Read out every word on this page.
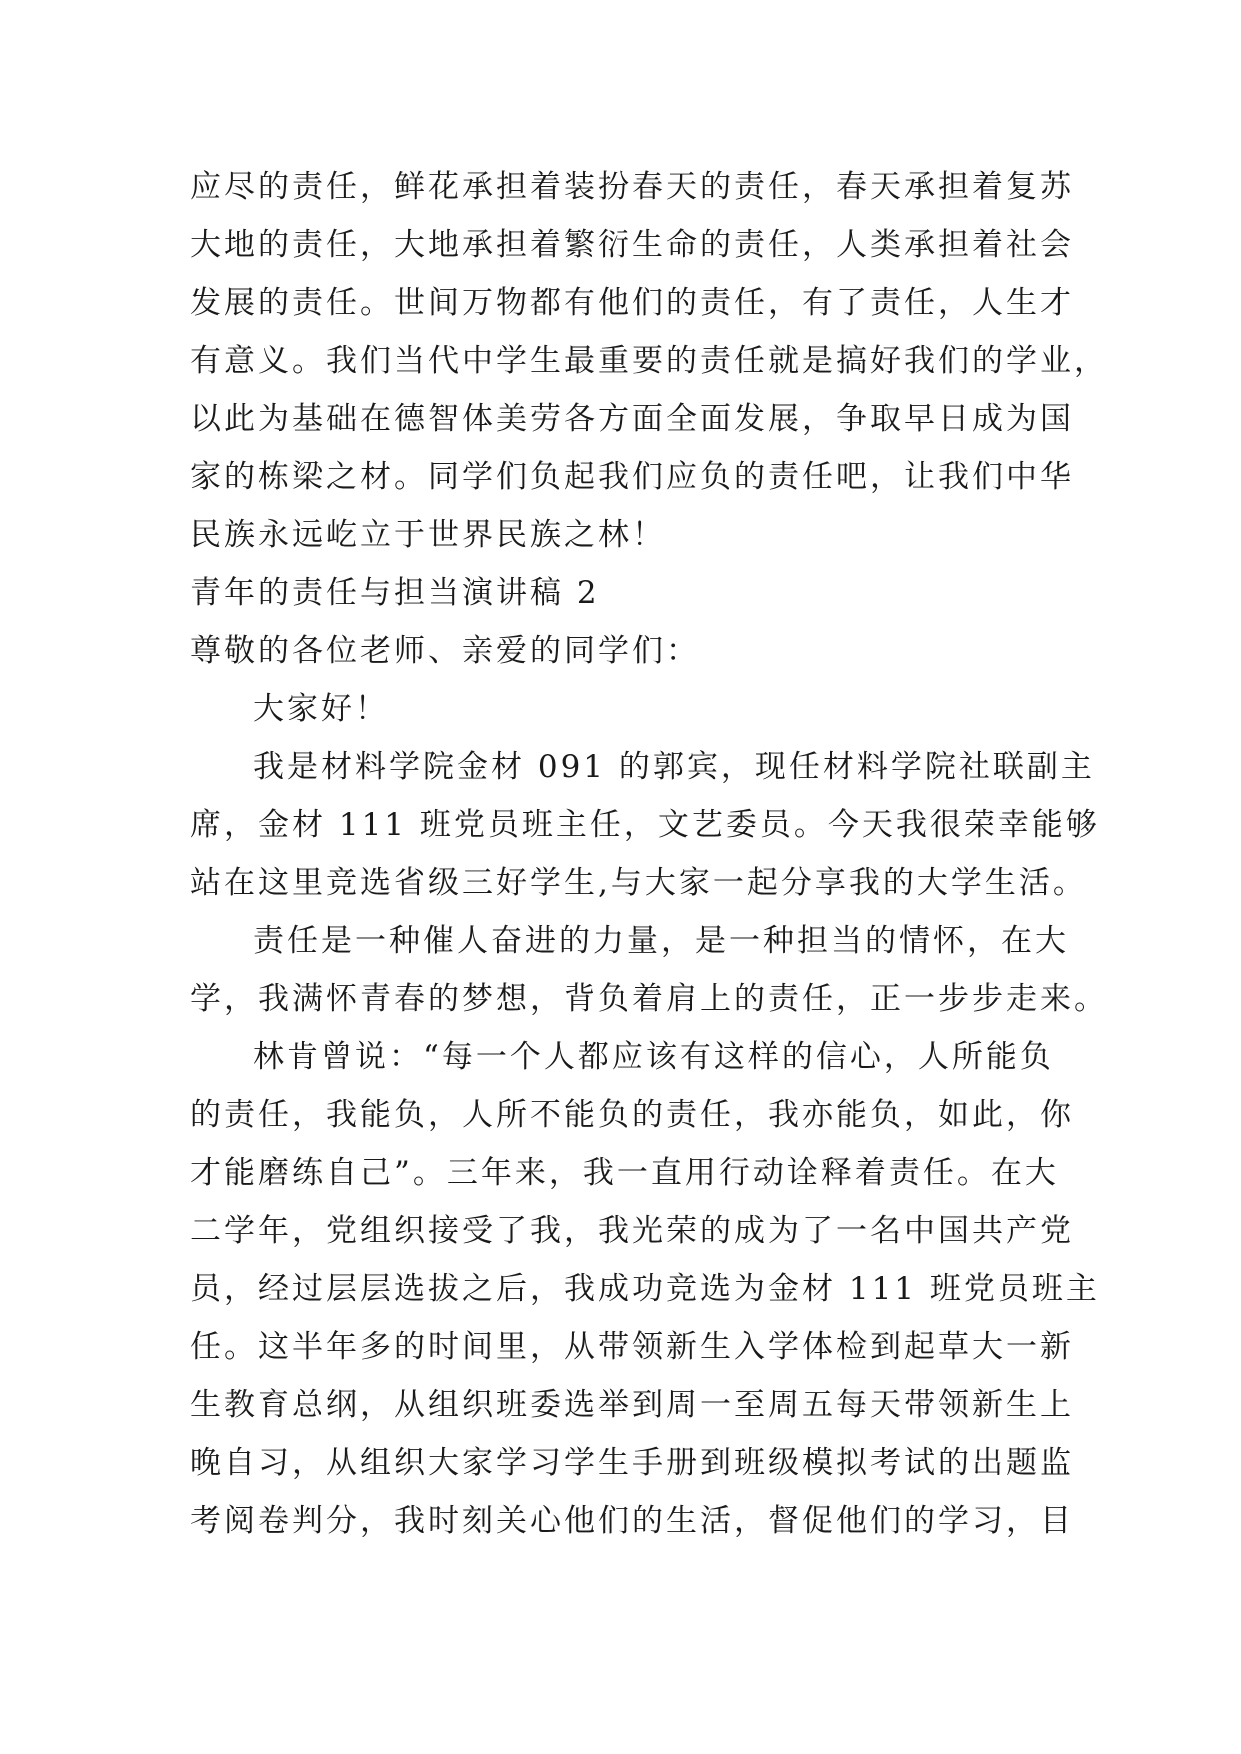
应尽的责任，鲜花承担着装扮春天的责任，春天承担着复苏
大地的责任，大地承担着繁衍生命的责任，人类承担着社会
发展的责任。世间万物都有他们的责任，有了责任，人生才
有意义。我们当代中学生最重要的责任就是搞好我们的学业，
以此为基础在德智体美劳各方面全面发展，争取早日成为国
家的栋梁之材。同学们负起我们应负的责任吧，让我们中华
民族永远屹立于世界民族之林！
青年的责任与担当演讲稿 2
尊敬的各位老师、亲爱的同学们：
大家好！
我是材料学院金材 091 的郭宾，现任材料学院社联副主
席，金材 111 班党员班主任，文艺委员。今天我很荣幸能够
站在这里竞选省级三好学生,与大家一起分享我的大学生活。
责任是一种催人奋进的力量，是一种担当的情怀，在大
学，我满怀青春的梦想，背负着肩上的责任，正一步步走来。
林肯曾说：“每一个人都应该有这样的信心，人所能负
的责任，我能负，人所不能负的责任，我亦能负，如此，你
才能磨练自己”。三年来，我一直用行动诠释着责任。在大
二学年，党组织接受了我，我光荣的成为了一名中国共产党
员，经过层层选拔之后，我成功竞选为金材 111 班党员班主
任。这半年多的时间里，从带领新生入学体检到起草大一新
生教育总纲，从组织班委选举到周一至周五每天带领新生上
晚自习，从组织大家学习学生手册到班级模拟考试的出题监
考阅卷判分，我时刻关心他们的生活，督促他们的学习，目
